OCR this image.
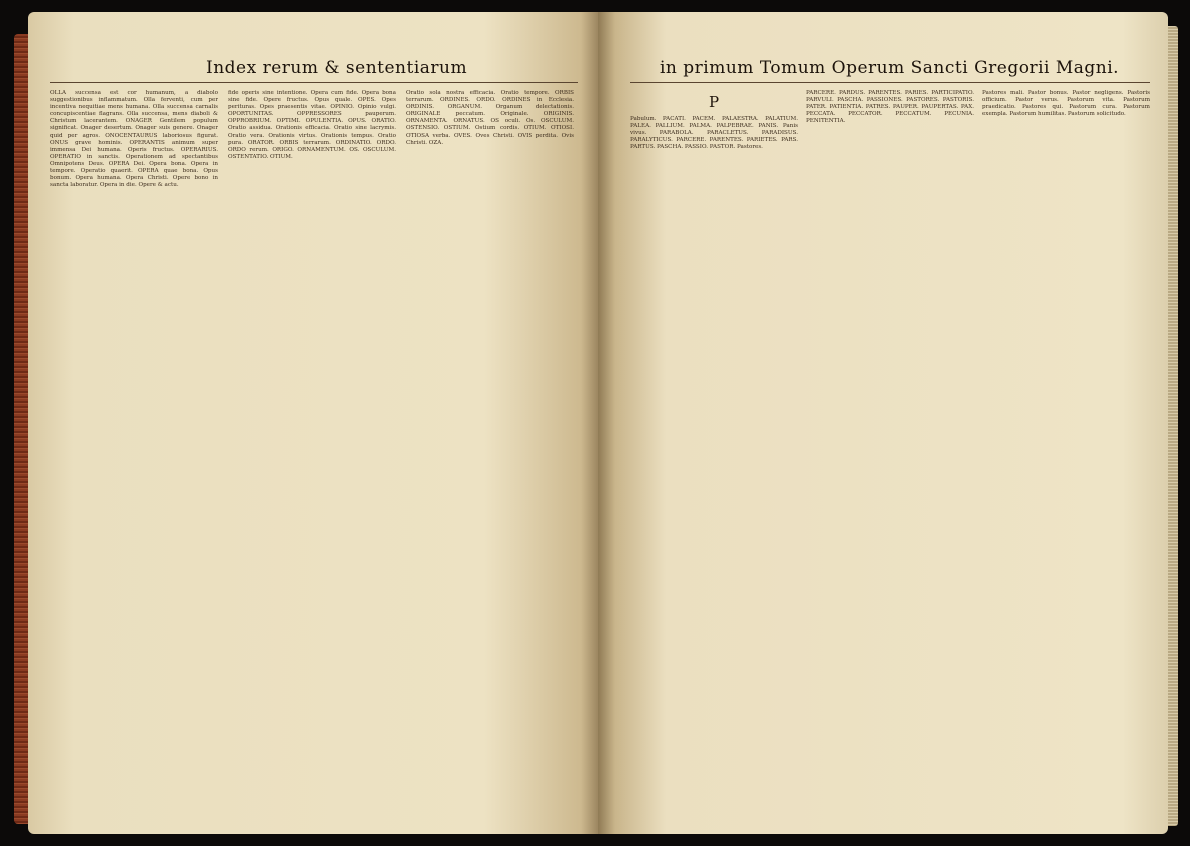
Index rerum & sententiarum
OLLA succensa est cor humanum, a diabolo suggestionibus inflammatum. Olla ferventi, cum per incentiva nequitiae mens humana. Olla succensa carnalis concupiscentiae flagrans. Olla succensa, mens diaboli & Christum lacerantem. ONAGER Gentilem populum significat. Onager desertum. Onager suis genere. Onager quid per agros. ONOCENTAURUS laboriosus figurat. ONUS grave hominis. OPERANTIS animum super immensa Dei humana. Operis fructus. OPERARIUS. OPERATIO in sanctis. Operationem ad spectantibus Omnipotens Deus. OPERA Dei. Opera bona. Opera in tempore. Operatio quaerit. OPERA quae bona. Opus bonum. Opera humana. Opera Christi. Opere bono in sancta laboratur. Opera in die. Opere & actu.
fide operis sine intentione. Opera cum fide. Opera bona sine fide. Opere fructus. Opus quale. OPES. Opes perituras. Opes praesentis vitae. OPINIO. Opinio vulgi. OPORTUNITAS. OPPRESSORES pauperum. OPPROBRIUM. OPTIMI. OPULENTIA. OPUS. ORATIO. Oratio assidua. Orationis efficacia. Oratio sine lacrymis. Oratio vera. Orationis virtus. Orationis tempus. Oratio pura. ORATOR. ORBIS terrarum. ORDINATIO. ORDO. ORDO rerum. ORIGO. ORNAMENTUM. OS. OSCULUM. OSTENTATIO. OTIUM.
Oratio sola nostra efficacia. Oratio tempore. ORBIS terrarum. ORDINES. ORDO. ORDINES in Ecclesia. ORDINIS. ORGANUM. Organum delectationis. ORIGINALE peccatum. Originale. ORIGINIS. ORNAMENTA. ORNATUS. OS oculi. Os. OSCULUM. OSTENSIO. OSTIUM. Ostium cordis. OTIUM. OTIOSI. OTIOSA verba. OVES. Oves Christi. OVIS perdita. Ovis Christi. OZA.
in primum Tomum Operum Sancti Gregorii Magni.
P
Pabulum. PACATI. PACEM. PALAESTRA. PALATIUM. PALEA. PALLIUM. PALMA. PALPEBRAE. PANIS. Panis vivus. PARABOLA. PARACLETUS. PARADISUS. PARALYTICUS. PARCERE. PARENTES. PARIETES. PARS. PARTUS. PASCHA. PASSIO. PASTOR. Pastores.
PARCERE. PARDUS. PARENTES. PARIES. PARTICIPATIO. PARVULI. PASCHA. PASSIONES. PASTORES. PASTORIS. PATER. PATIENTIA. PATRES. PAUPER. PAUPERTAS. PAX. PECCATA. PECCATOR. PECCATUM. PECUNIA. PENITENTIA.
Pastores mali. Pastor bonus. Pastor negligens. Pastoris officium. Pastor verus. Pastorum vita. Pastorum praedicatio. Pastores qui. Pastorum cura. Pastorum exempla. Pastorum humilitas. Pastorum solicitudo.
